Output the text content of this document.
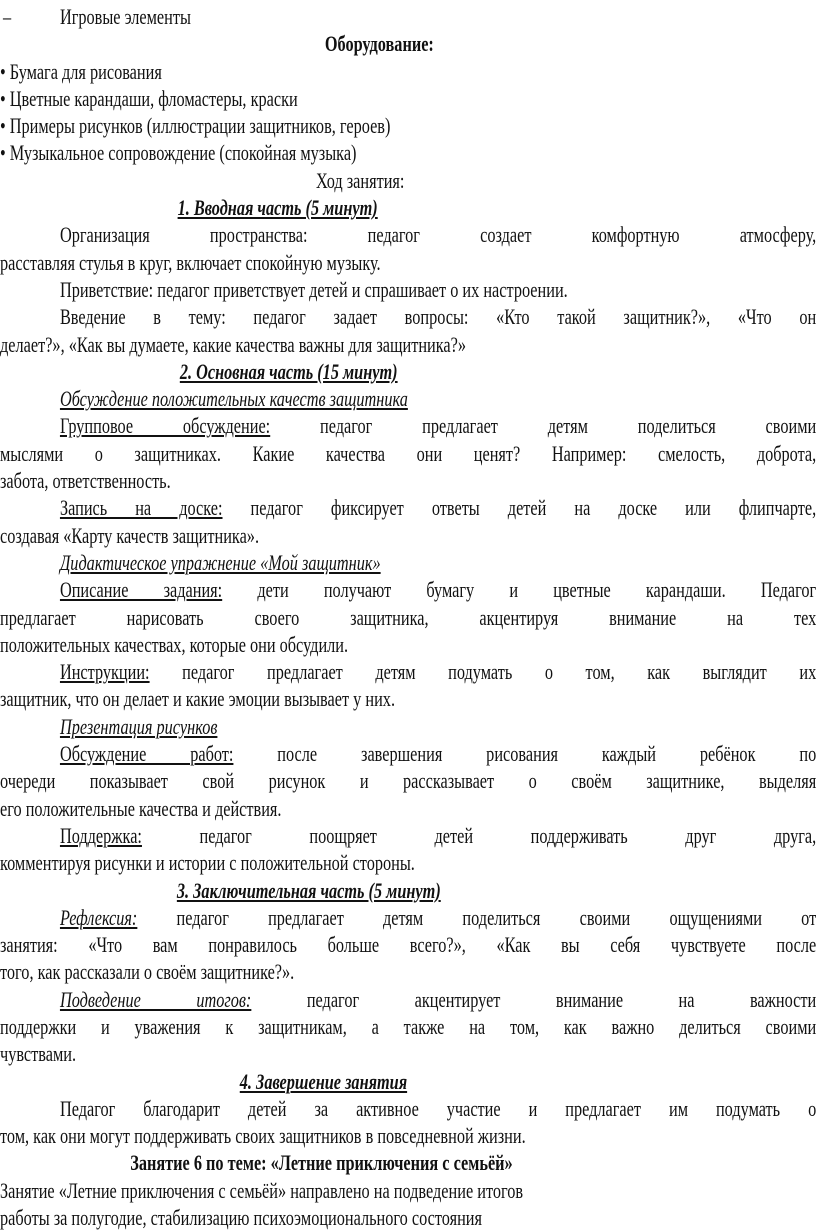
– Игровые элементы
Оборудование:
• Бумага для рисования
• Цветные карандаши, фломастеры, краски
• Примеры рисунков (иллюстрации защитников, героев)
• Музыкальное сопровождение (спокойная музыка)
Ход занятия:
1. Вводная часть (5 минут)
Организация пространства: педагог создает комфортную атмосферу,
расставляя стулья в круг, включает спокойную музыку.
Приветствие: педагог приветствует детей и спрашивает о их настроении.
Введение в тему: педагог задает вопросы: «Кто такой защитник?», «Что он
делает?», «Как вы думаете, какие качества важны для защитника?»
2. Основная часть (15 минут)
Обсуждение положительных качеств защитника
Групповое обсуждение: педагог предлагает детям поделиться своими
мыслями о защитниках. Какие качества они ценят? Например: смелость, доброта,
забота, ответственность.
Запись на доске: педагог фиксирует ответы детей на доске или флипчарте,
создавая «Карту качеств защитника».
Дидактическое упражнение «Мой защитник»
Описание задания: дети получают бумагу и цветные карандаши. Педагог
предлагает нарисовать своего защитника, акцентируя внимание на тех
положительных качествах, которые они обсудили.
Инструкции: педагог предлагает детям подумать о том, как выглядит их
защитник, что он делает и какие эмоции вызывает у них.
Презентация рисунков
Обсуждение работ: после завершения рисования каждый ребёнок по
очереди показывает свой рисунок и рассказывает о своём защитнике, выделяя
его положительные качества и действия.
Поддержка: педагог поощряет детей поддерживать друг друга,
комментируя рисунки и истории с положительной стороны.
3. Заключительная часть (5 минут)
Рефлексия: педагог предлагает детям поделиться своими ощущениями от
занятия: «Что вам понравилось больше всего?», «Как вы себя чувствуете после
того, как рассказали о своём защитнике?».
Подведение итогов: педагог акцентирует внимание на важности
поддержки и уважения к защитникам, а также на том, как важно делиться своими
чувствами.
4. Завершение занятия
Педагог благодарит детей за активное участие и предлагает им подумать о
том, как они могут поддерживать своих защитников в повседневной жизни.
Занятие 6 по теме: «Летние приключения с семьёй»
Занятие «Летние приключения с семьёй» направлено на подведение итогов
работы за полугодие, стабилизацию психоэмоционального состояния
